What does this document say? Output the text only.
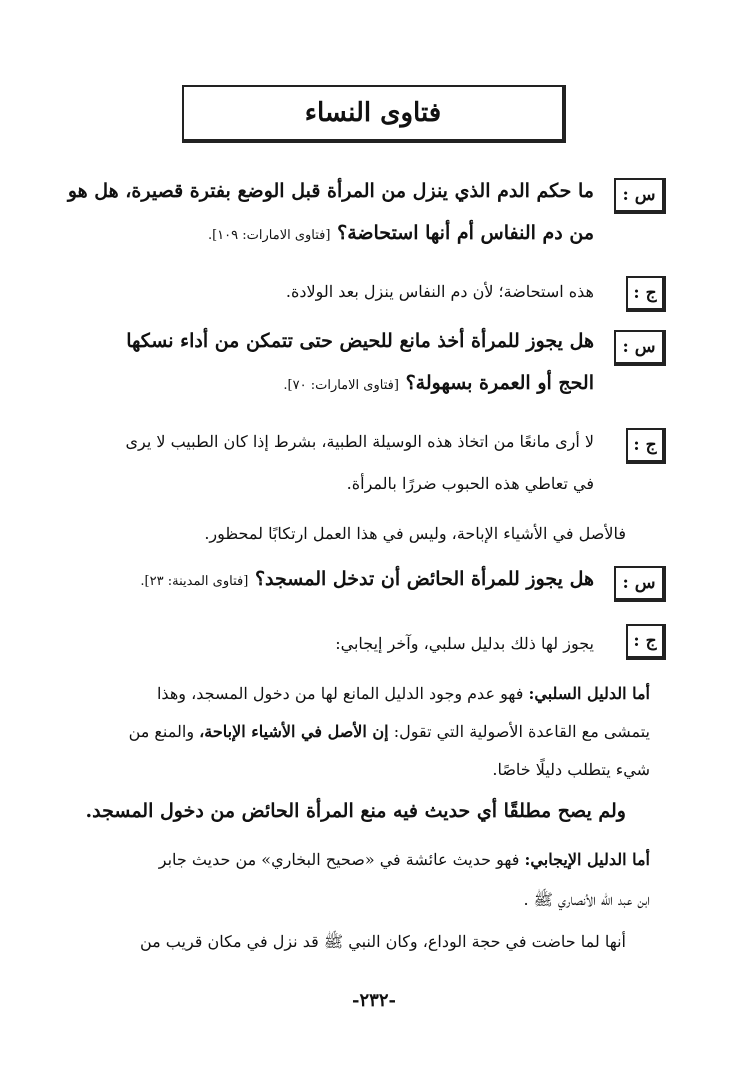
فتاوى النساء
س :
ما حكم الدم الذي ينزل من المرأة قبل الوضع بفترة قصيرة، هل هو
من دم النفاس أم أنها استحاضة؟ [فتاوى الامارات: ١٠٩].
ج :
هذه استحاضة؛ لأن دم النفاس ينزل بعد الولادة.
س :
هل يجوز للمرأة أخذ مانع للحيض حتى تتمكن من أداء نسكها
الحج أو العمرة بسهولة؟ [فتاوى الامارات: ٧٠].
ج :
لا أرى مانعًا من اتخاذ هذه الوسيلة الطبية، بشرط إذا كان الطبيب لا يرى
في تعاطي هذه الحبوب ضررًا بالمرأة.
فالأصل في الأشياء الإباحة، وليس في هذا العمل ارتكابًا لمحظور.
س :
هل يجوز للمرأة الحائض أن تدخل المسجد؟ [فتاوى المدينة: ٢٣].
ج :
يجوز لها ذلك بدليل سلبي، وآخر إيجابي:
أما الدليل السلبي: فهو عدم وجود الدليل المانع لها من دخول المسجد، وهذا
يتمشى مع القاعدة الأصولية التي تقول: إن الأصل في الأشياء الإباحة، والمنع من
شيء يتطلب دليلًا خاصًا.
ولم يصح مطلقًا أي حديث فيه منع المرأة الحائض من دخول المسجد.
أما الدليل الإيجابي: فهو حديث عائشة في «صحيح البخاري» من حديث جابر
ابن عبد الله الأنصاري ﷺ .
أنها لما حاضت في حجة الوداع، وكان النبي ﷺ قد نزل في مكان قريب من
-٢٣٢-
